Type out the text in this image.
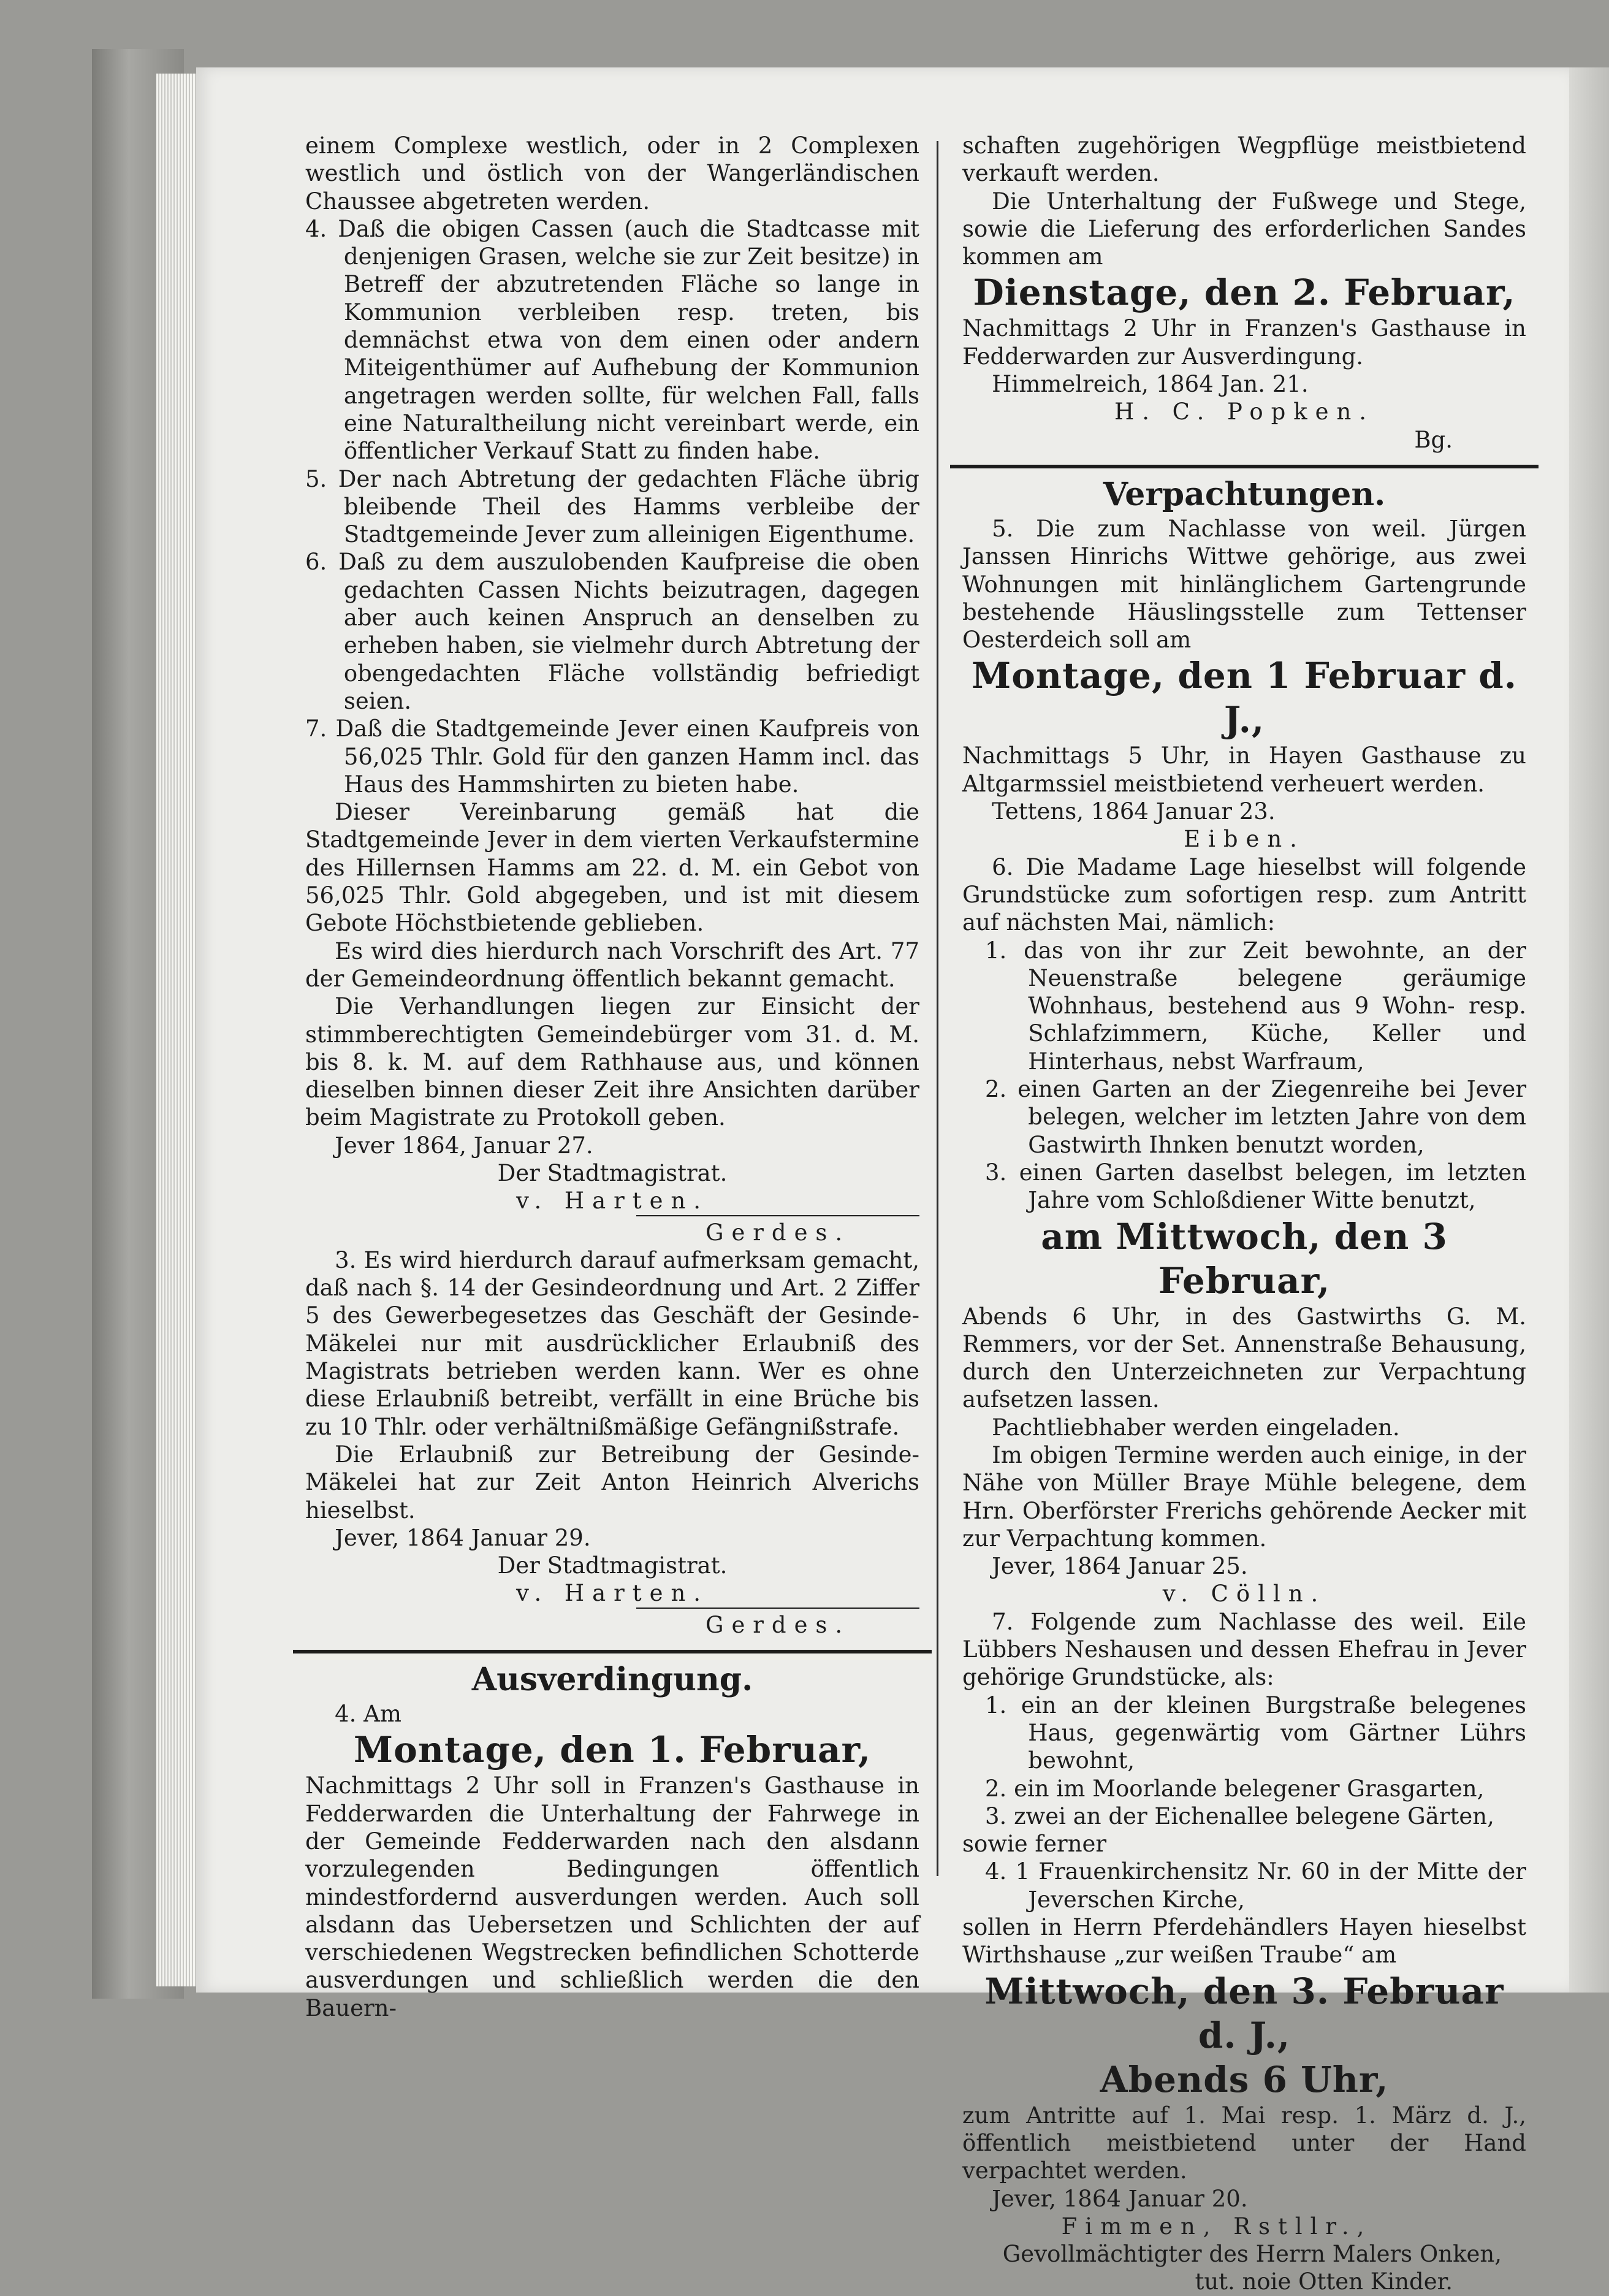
einem Complexe westlich, oder in 2 Complexen westlich und östlich von der Wangerländischen Chaussee abgetreten werden.

4. Daß die obigen Cassen (auch die Stadtcasse mit denjenigen Grasen, welche sie zur Zeit besitze) in Betreff der abzutretenden Fläche so lange in Kommunion verbleiben resp. treten, bis demnächst etwa von dem einen oder andern Miteigenthümer auf Aufhebung der Kommunion angetragen werden sollte, für welchen Fall, falls eine Naturaltheilung nicht vereinbart werde, ein öffentlicher Verkauf Statt zu finden habe.

5. Der nach Abtretung der gedachten Fläche übrig bleibende Theil des Hamms verbleibe der Stadtgemeinde Jever zum alleinigen Eigenthume.

6. Daß zu dem auszulobenden Kaufpreise die oben gedachten Cassen Nichts beizutragen, dagegen aber auch keinen Anspruch an denselben zu erheben haben, sie vielmehr durch Abtretung der obengedachten Fläche vollständig befriedigt seien.

7. Daß die Stadtgemeinde Jever einen Kaufpreis von 56,025 Thlr. Gold für den ganzen Hamm incl. das Haus des Hammshirten zu bieten habe.

Dieser Vereinbarung gemäß hat die Stadtgemeinde Jever in dem vierten Verkaufstermine des Hillernsen Hamms am 22. d. M. ein Gebot von 56,025 Thlr. Gold abgegeben, und ist mit diesem Gebote Höchstbietende geblieben.

Es wird dies hierdurch nach Vorschrift des Art. 77 der Gemeindeordnung öffentlich bekannt gemacht.

Die Verhandlungen liegen zur Einsicht der stimmberechtigten Gemeindebürger vom 31. d. M. bis 8. k. M. auf dem Rathhause aus, und können dieselben binnen dieser Zeit ihre Ansichten darüber beim Magistrate zu Protokoll geben.

Jever 1864, Januar 27.

Der Stadtmagistrat.

v. Harten.

Gerdes.

3. Es wird hierdurch darauf aufmerksam gemacht, daß nach §. 14 der Gesindeordnung und Art. 2 Ziffer 5 des Gewerbegesetzes das Geschäft der Gesinde-Mäkelei nur mit ausdrücklicher Erlaubniß des Magistrats betrieben werden kann. Wer es ohne diese Erlaubniß betreibt, verfällt in eine Brüche bis zu 10 Thlr. oder verhältnißmäßige Gefängnißstrafe.

Die Erlaubniß zur Betreibung der Gesinde-Mäkelei hat zur Zeit Anton Heinrich Alverichs hieselbst.

Jever, 1864 Januar 29.

Der Stadtmagistrat.

v. Harten.

Gerdes.

Ausverdingung.

4. Am

Montage, den 1. Februar,

Nachmittags 2 Uhr soll in Franzen's Gasthause in Fedderwarden die Unterhaltung der Fahrwege in der Gemeinde Fedderwarden nach den alsdann vorzulegenden Bedingungen öffentlich mindestfordernd ausverdungen werden. Auch soll alsdann das Uebersetzen und Schlichten der auf verschiedenen Wegstrecken befindlichen Schotterde ausverdungen und schließlich werden die den Bauern-

schaften zugehörigen Wegpflüge meistbietend verkauft werden.

Die Unterhaltung der Fußwege und Stege, sowie die Lieferung des erforderlichen Sandes kommen am

Dienstage, den 2. Februar,

Nachmittags 2 Uhr in Franzen's Gasthause in Fedderwarden zur Ausverdingung.

Himmelreich, 1864 Jan. 21.

H. C. Popken.

Bg.

Verpachtungen.

5. Die zum Nachlasse von weil. Jürgen Janssen Hinrichs Wittwe gehörige, aus zwei Wohnungen mit hinlänglichem Gartengrunde bestehende Häuslingsstelle zum Tettenser Oesterdeich soll am

Montage, den 1 Februar d. J.,

Nachmittags 5 Uhr, in Hayen Gasthause zu Altgarmssiel meistbietend verheuert werden.

Tettens, 1864 Januar 23.

Eiben.

6. Die Madame Lage hieselbst will folgende Grundstücke zum sofortigen resp. zum Antritt auf nächsten Mai, nämlich:

1. das von ihr zur Zeit bewohnte, an der Neuenstraße belegene geräumige Wohnhaus, bestehend aus 9 Wohn- resp. Schlafzimmern, Küche, Keller und Hinterhaus, nebst Warfraum,

2. einen Garten an der Ziegenreihe bei Jever belegen, welcher im letzten Jahre von dem Gastwirth Ihnken benutzt worden,

3. einen Garten daselbst belegen, im letzten Jahre vom Schloßdiener Witte benutzt,

am Mittwoch, den 3 Februar,

Abends 6 Uhr, in des Gastwirths G. M. Remmers, vor der Set. Annenstraße Behausung, durch den Unterzeichneten zur Verpachtung aufsetzen lassen.

Pachtliebhaber werden eingeladen.

Im obigen Termine werden auch einige, in der Nähe von Müller Braye Mühle belegene, dem Hrn. Oberförster Frerichs gehörende Aecker mit zur Verpachtung kommen.

Jever, 1864 Januar 25.

v. Cölln.

7. Folgende zum Nachlasse des weil. Eile Lübbers Neshausen und dessen Ehefrau in Jever gehörige Grundstücke, als:

1. ein an der kleinen Burgstraße belegenes Haus, gegenwärtig vom Gärtner Lührs bewohnt,

2. ein im Moorlande belegener Grasgarten,

3. zwei an der Eichenallee belegene Gärten,

sowie ferner

4. 1 Frauenkirchensitz Nr. 60 in der Mitte der Jeverschen Kirche,

sollen in Herrn Pferdehändlers Hayen hieselbst Wirthshause „zur weißen Traube“ am

Mittwoch, den 3. Februar d. J.,

Abends 6 Uhr,

zum Antritte auf 1. Mai resp. 1. März d. J., öffentlich meistbietend unter der Hand verpachtet werden.

Jever, 1864 Januar 20.

Fimmen, Rstllr.,

Gevollmächtigter des Herrn Malers Onken,

tut. noie Otten Kinder.
